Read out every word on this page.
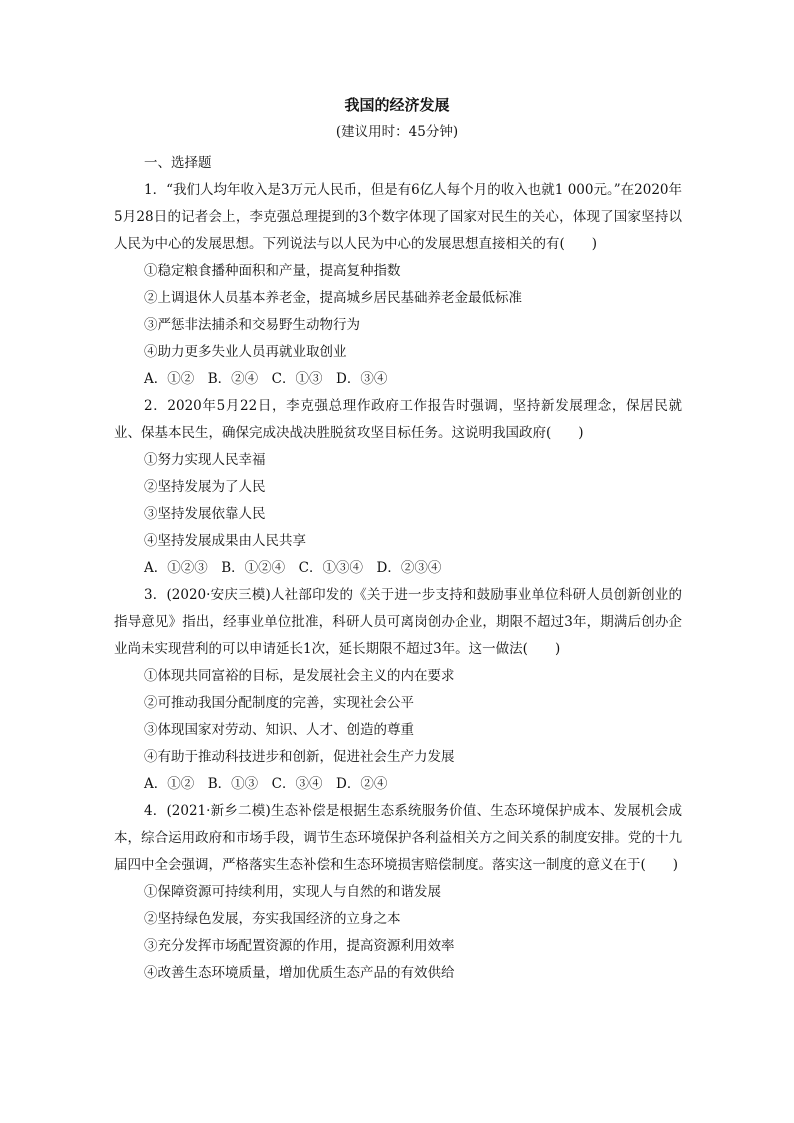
我国的经济发展
(建议用时：45分钟)
一、选择题
1．“我们人均年收入是3万元人民币，但是有6亿人每个月的收入也就1 000元。”在2020年5月28日的记者会上，李克强总理提到的3个数字体现了国家对民生的关心，体现了国家坚持以人民为中心的发展思想。下列说法与以人民为中心的发展思想直接相关的有(　　)
①稳定粮食播种面积和产量，提高复种指数
②上调退休人员基本养老金，提高城乡居民基础养老金最低标准
③严惩非法捕杀和交易野生动物行为
④助力更多失业人员再就业取创业
A．①②　B．②④　C．①③　D．③④
2．2020年5月22日，李克强总理作政府工作报告时强调，坚持新发展理念，保居民就业、保基本民生，确保完成决战决胜脱贫攻坚目标任务。这说明我国政府(　　)
①努力实现人民幸福
②坚持发展为了人民
③坚持发展依靠人民
④坚持发展成果由人民共享
A．①②③　B．①②④　C．①③④　D．②③④
3．(2020·安庆三模)人社部印发的《关于进一步支持和鼓励事业单位科研人员创新创业的指导意见》指出，经事业单位批准，科研人员可离岗创办企业，期限不超过3年，期满后创办企业尚未实现营利的可以申请延长1次，延长期限不超过3年。这一做法(　　)
①体现共同富裕的目标，是发展社会主义的内在要求
②可推动我国分配制度的完善，实现社会公平
③体现国家对劳动、知识、人才、创造的尊重
④有助于推动科技进步和创新，促进社会生产力发展
A．①②　B．①③　C．③④　D．②④
4．(2021·新乡二模)生态补偿是根据生态系统服务价值、生态环境保护成本、发展机会成本，综合运用政府和市场手段，调节生态环境保护各利益相关方之间关系的制度安排。党的十九届四中全会强调，严格落实生态补偿和生态环境损害赔偿制度。落实这一制度的意义在于(　　)
①保障资源可持续利用，实现人与自然的和谐发展
②坚持绿色发展，夯实我国经济的立身之本
③充分发挥市场配置资源的作用，提高资源利用效率
④改善生态环境质量，增加优质生态产品的有效供给
